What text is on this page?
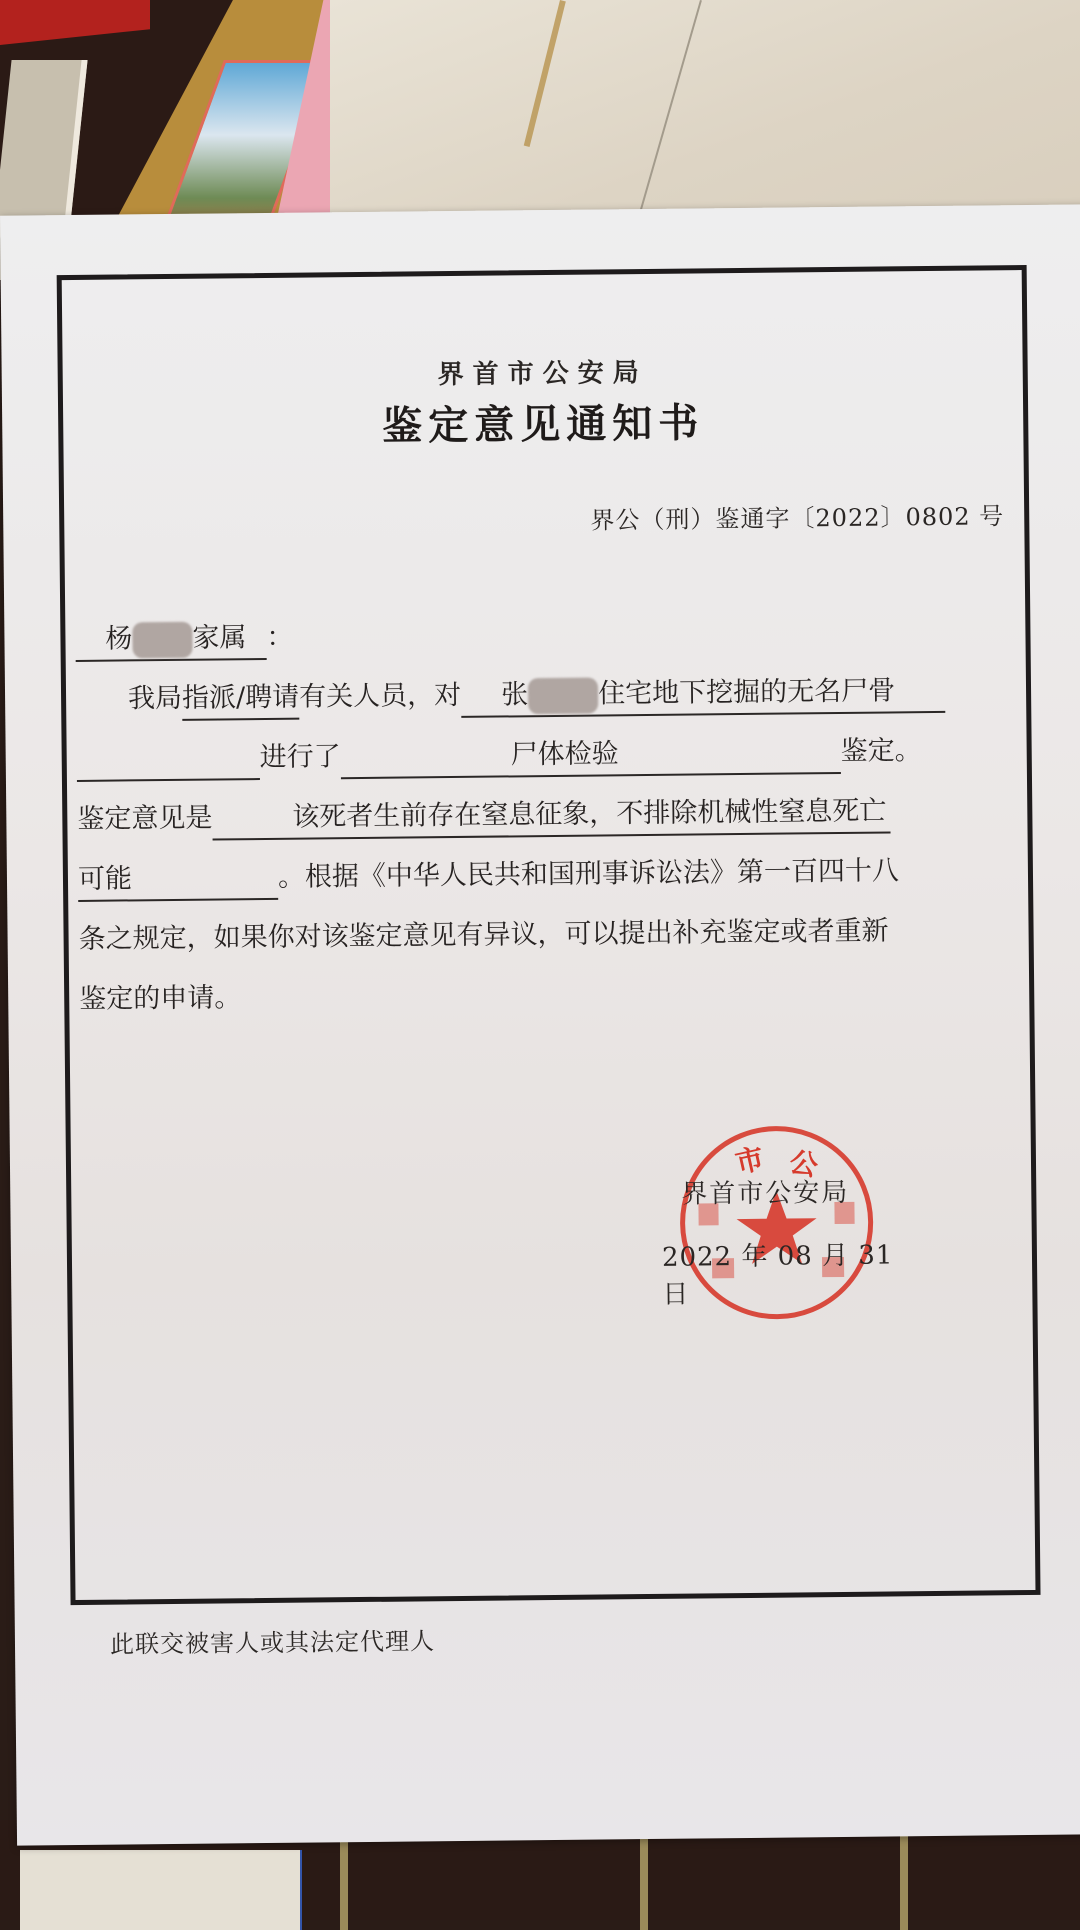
界首市公安局
鉴定意见通知书
界公（刑）鉴通字〔2022〕0802 号
杨 家属 ：
我局指派/聘请有关人员，对 张	住宅地下挖掘的无名尸骨
进行了	尸体检验	鉴定。
鉴定意见是	该死者生前存在窒息征象，不排除机械性窒息死亡
可能	。根据《中华人民共和国刑事诉讼法》第一百四十八
条之规定，如果你对该鉴定意见有异议，可以提出补充鉴定或者重新
鉴定的申请。
市 公
界首市公安局
2022 年 08 月 31 日
此联交被害人或其法定代理人
